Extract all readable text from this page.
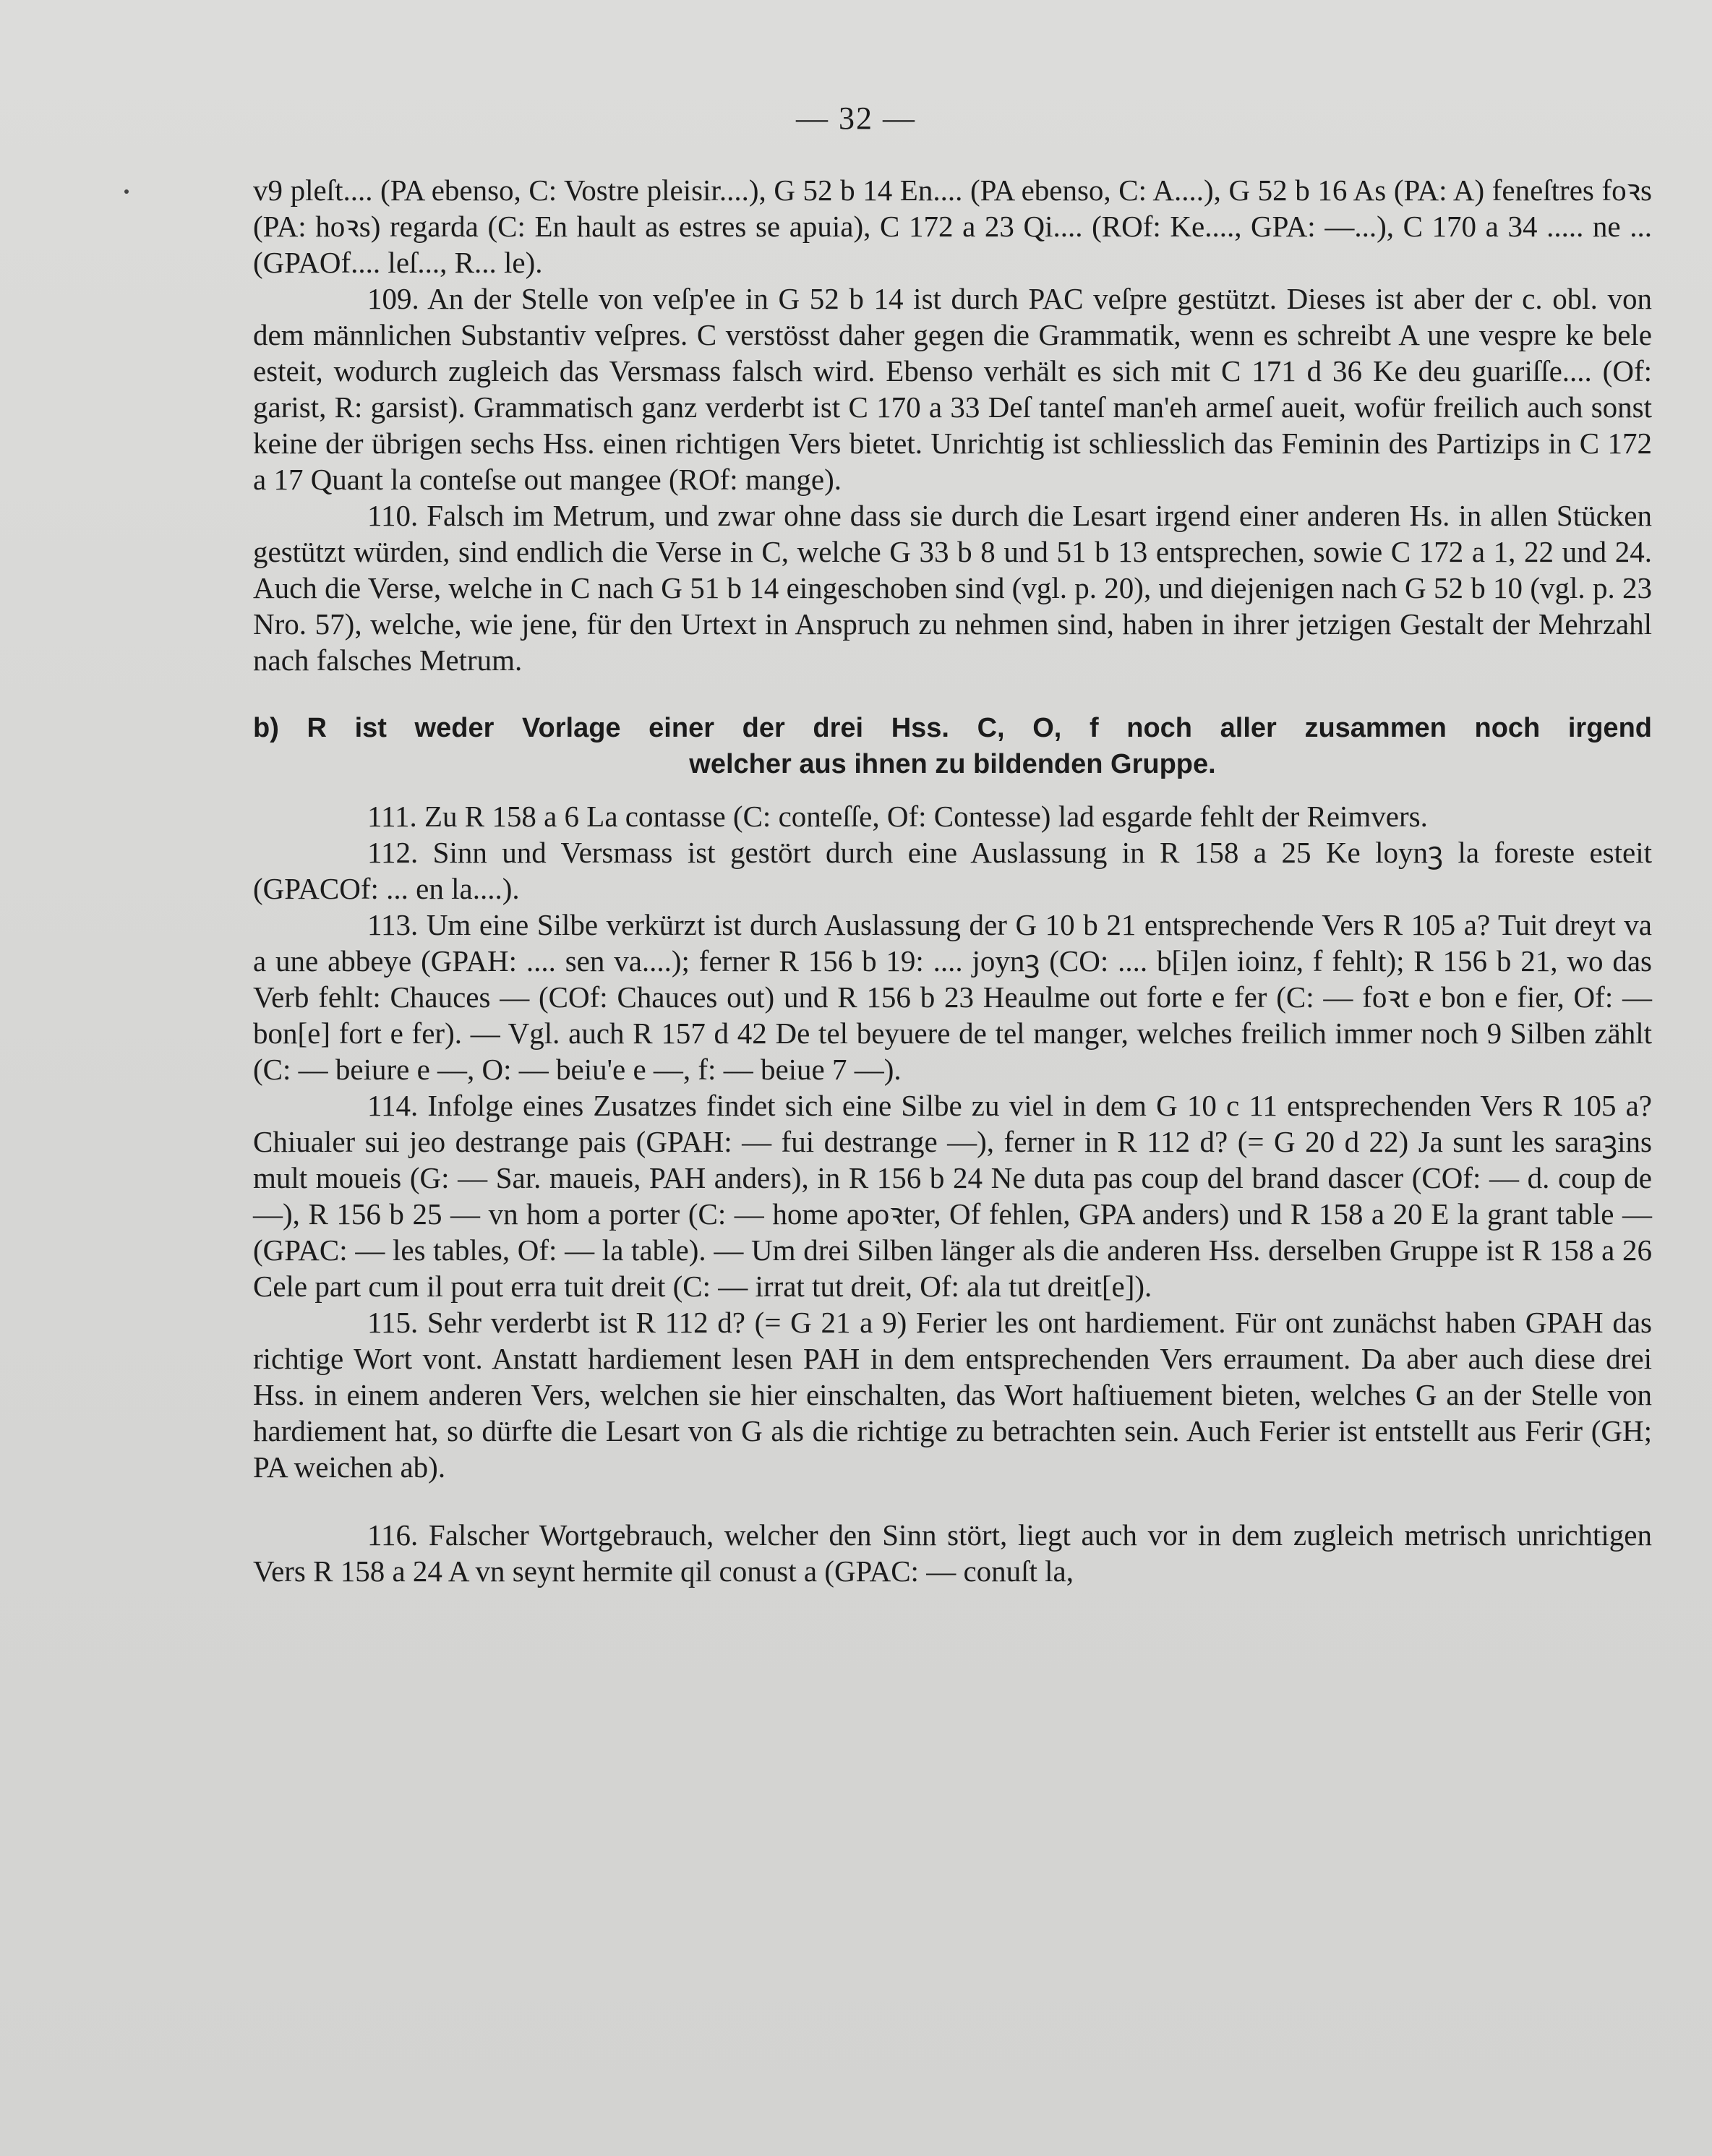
— 32 —

v9 pleſt.... (PA ebenso, C: Vostre pleisir....), G 52 b 14 En.... (PA ebenso, C: A....), G 52 b 16 As (PA: A) feneſtres foꝛs (PA: hoꝛs) regarda (C: En hault as estres se apuia), C 172 a 23 Qi.... (ROf: Ke...., GPA: —...), C 170 a 34 ..... ne ... (GPAOf.... leſ..., R... le).

109. An der Stelle von veſp'ee in G 52 b 14 ist durch PAC veſpre gestützt. Dieses ist aber der c. obl. von dem männlichen Substantiv veſpres. C verstösst daher gegen die Grammatik, wenn es schreibt A une vespre ke bele esteit, wodurch zugleich das Versmass falsch wird. Ebenso verhält es sich mit C 171 d 36 Ke deu guariſſe.... (Of: garist, R: garsist). Grammatisch ganz verderbt ist C 170 a 33 Deſ tanteſ man'eh armeſ aueit, wofür freilich auch sonst keine der übrigen sechs Hss. einen richtigen Vers bietet. Unrichtig ist schliesslich das Feminin des Partizips in C 172 a 17 Quant la conteſse out mangee (ROf: mange).

110. Falsch im Metrum, und zwar ohne dass sie durch die Lesart irgend einer anderen Hs. in allen Stücken gestützt würden, sind endlich die Verse in C, welche G 33 b 8 und 51 b 13 entsprechen, sowie C 172 a 1, 22 und 24. Auch die Verse, welche in C nach G 51 b 14 eingeschoben sind (vgl. p. 20), und diejenigen nach G 52 b 10 (vgl. p. 23 Nro. 57), welche, wie jene, für den Urtext in Anspruch zu nehmen sind, haben in ihrer jetzigen Gestalt der Mehrzahl nach falsches Metrum.

b) R ist weder Vorlage einer der drei Hss. C, O, f noch aller zusammen noch irgend
welcher aus ihnen zu bildenden Gruppe.

111. Zu R 158 a 6 La contasse (C: conteſſe, Of: Contesse) lad esgarde fehlt der Reimvers.

112. Sinn und Versmass ist gestört durch eine Auslassung in R 158 a 25 Ke loynꝫ la foreste esteit (GPACOf: ... en la....).

113. Um eine Silbe verkürzt ist durch Auslassung der G 10 b 21 entsprechende Vers R 105 a? Tuit dreyt va a une abbeye (GPAH: .... sen va....); ferner R 156 b 19: .... joynꝫ (CO: .... b[i]en ioinz, f fehlt); R 156 b 21, wo das Verb fehlt: Chauces — (COf: Chauces out) und R 156 b 23 Heaulme out forte e fer (C: — foꝛt e bon e fier, Of: — bon[e] fort e fer). — Vgl. auch R 157 d 42 De tel beyuere de tel manger, welches freilich immer noch 9 Silben zählt (C: — beiure e —, O: — beiu'e e —, f: — beiue 7 —).

114. Infolge eines Zusatzes findet sich eine Silbe zu viel in dem G 10 c 11 entsprechenden Vers R 105 a? Chiualer sui jeo destrange pais (GPAH: — fui destrange —), ferner in R 112 d? (= G 20 d 22) Ja sunt les saraꝫins mult moueis (G: — Sar. maueis, PAH anders), in R 156 b 24 Ne duta pas coup del brand dascer (COf: — d. coup de —), R 156 b 25 — vn hom a porter (C: — home apoꝛter, Of fehlen, GPA anders) und R 158 a 20 E la grant table — (GPAC: — les tables, Of: — la table). — Um drei Silben länger als die anderen Hss. derselben Gruppe ist R 158 a 26 Cele part cum il pout erra tuit dreit (C: — irrat tut dreit, Of: ala tut dreit[e]).

115. Sehr verderbt ist R 112 d? (= G 21 a 9) Ferier les ont hardiement. Für ont zunächst haben GPAH das richtige Wort vont. Anstatt hardiement lesen PAH in dem entsprechenden Vers erraument. Da aber auch diese drei Hss. in einem anderen Vers, welchen sie hier einschalten, das Wort haſtiuement bieten, welches G an der Stelle von hardiement hat, so dürfte die Lesart von G als die richtige zu betrachten sein. Auch Ferier ist entstellt aus Ferir (GH; PA weichen ab).

116. Falscher Wortgebrauch, welcher den Sinn stört, liegt auch vor in dem zugleich metrisch unrichtigen Vers R 158 a 24 A vn seynt hermite qil conust a (GPAC: — conuſt la,
